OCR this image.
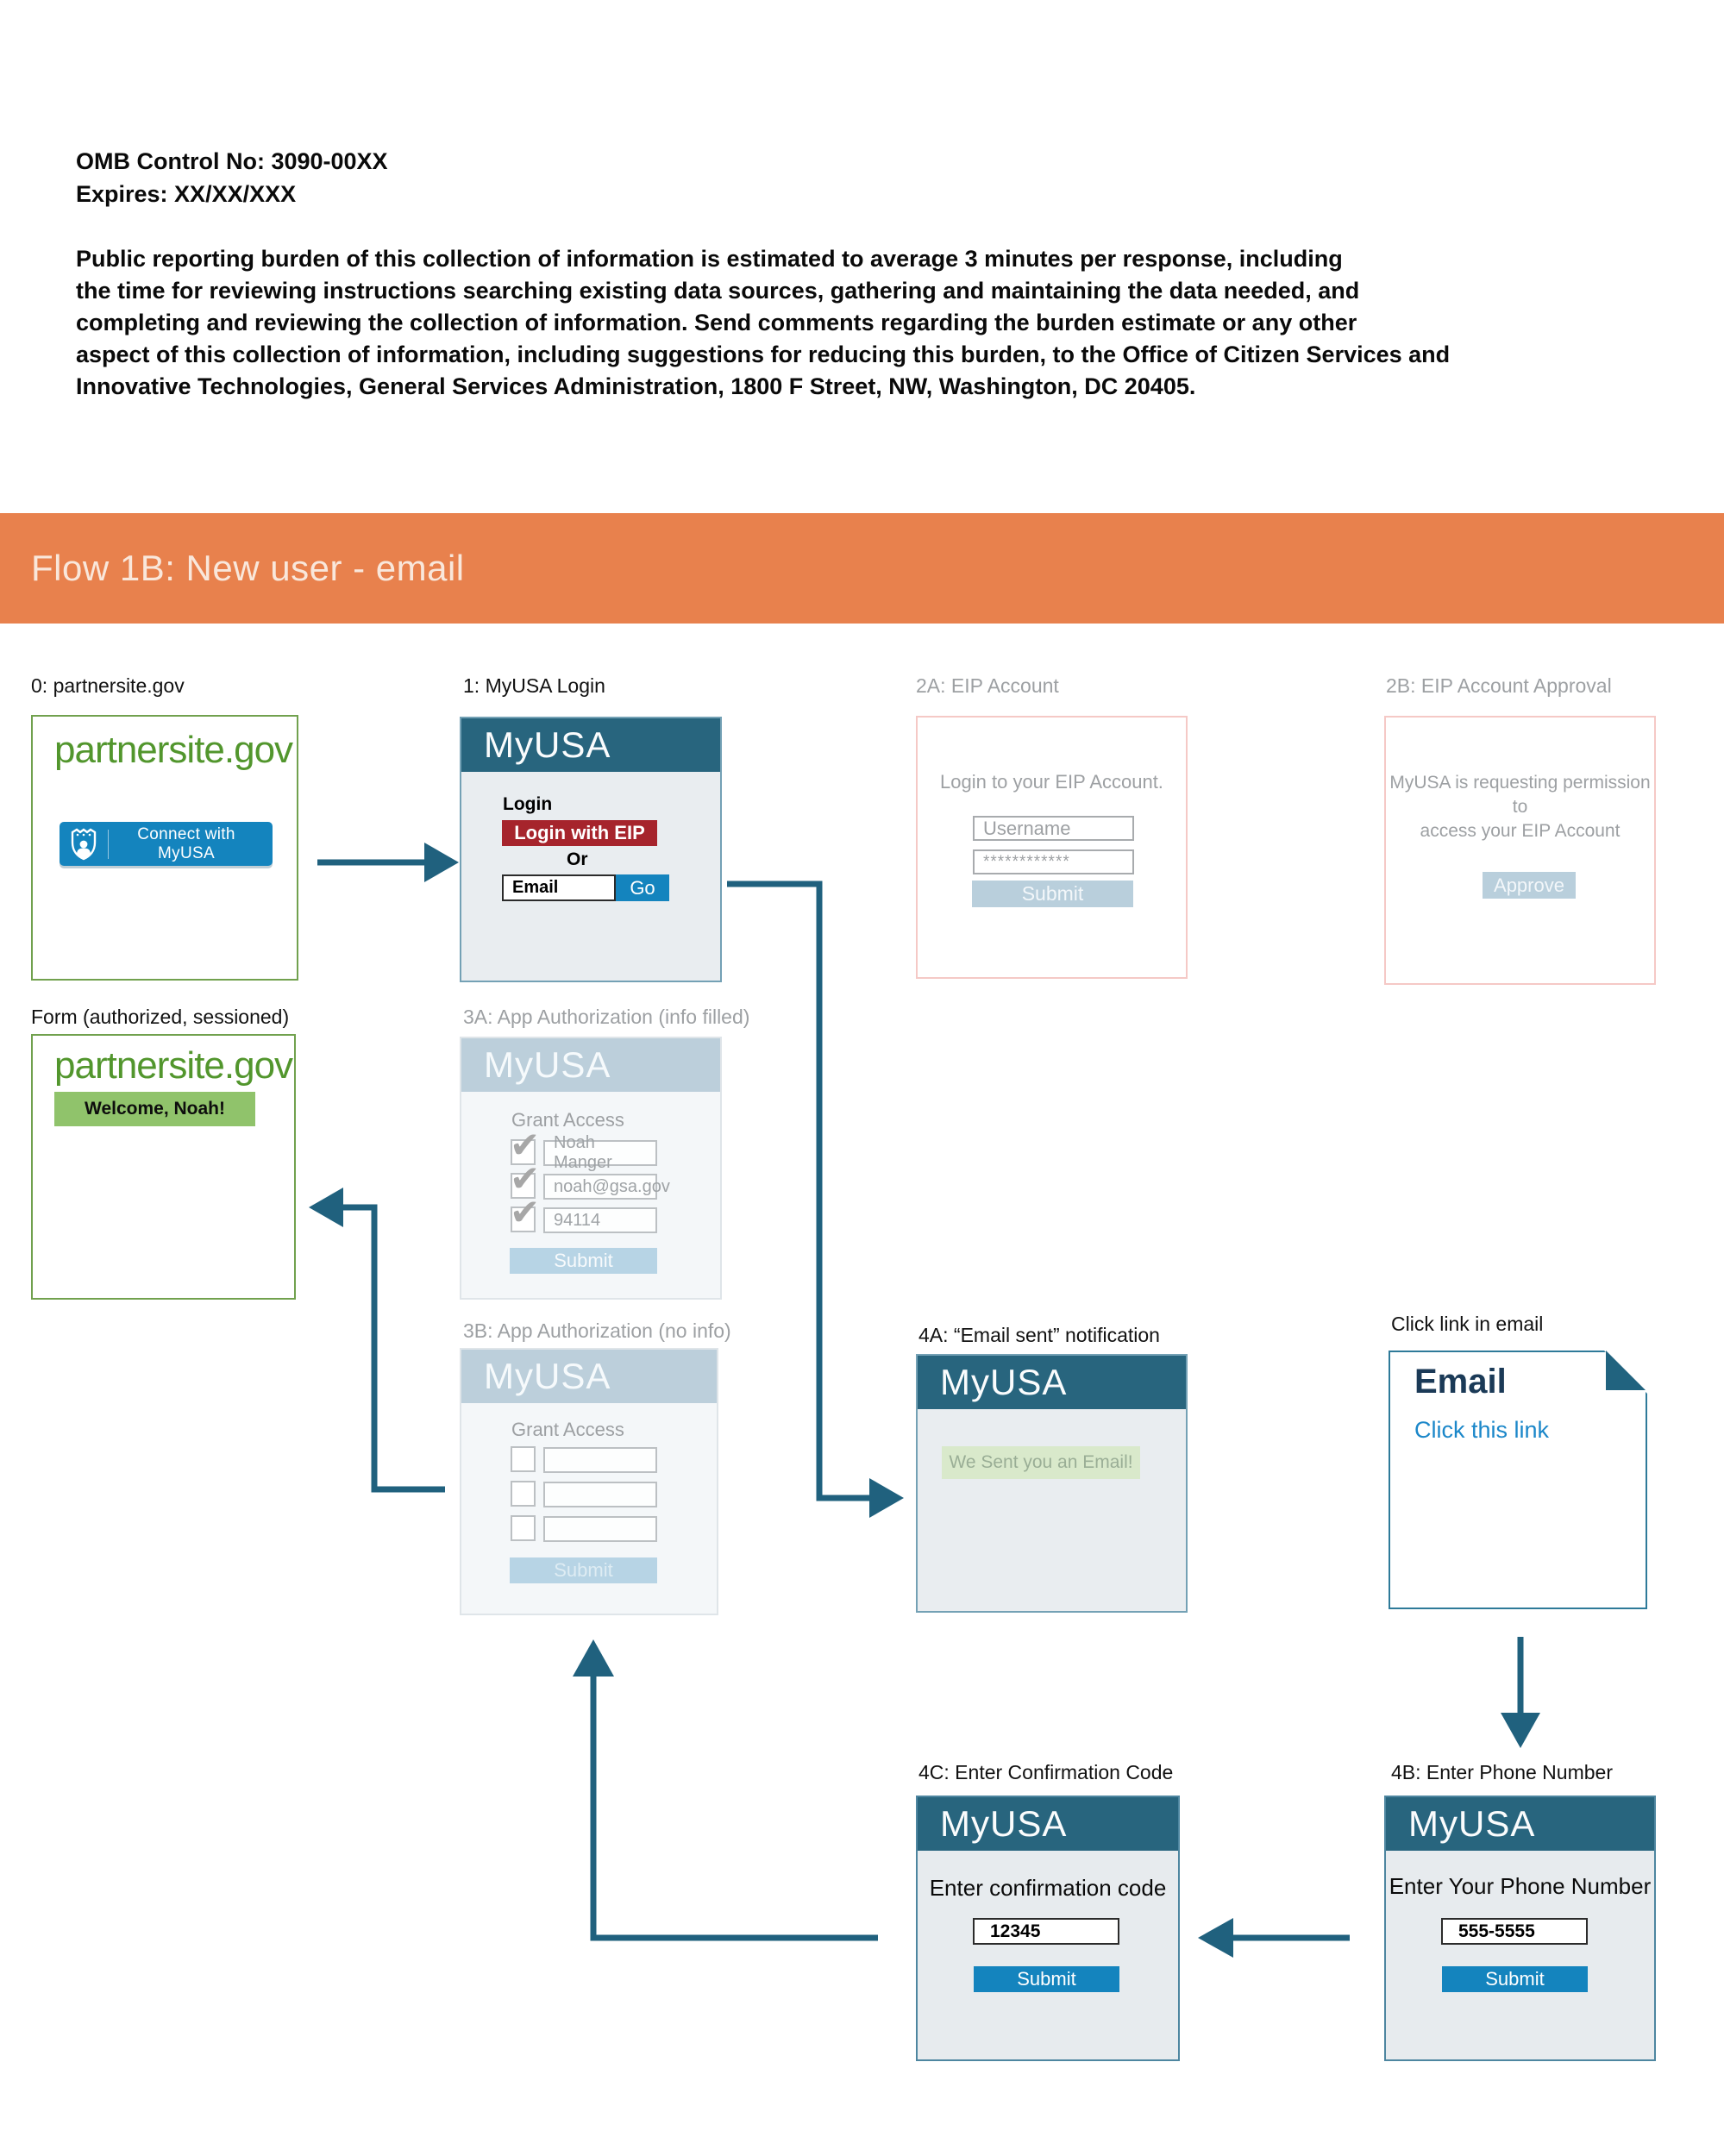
OMB Control No: 3090-00XX
Expires: XX/XX/XXX
Public reporting burden of this collection of information is estimated to average 3 minutes per response, including
the time for reviewing instructions searching existing data sources, gathering and maintaining the data needed, and
completing and reviewing the collection of information. Send comments regarding the burden estimate or any other
aspect of this collection of information, including suggestions for reducing this burden, to the Office of Citizen Services and
Innovative Technologies, General Services Administration, 1800 F Street, NW, Washington, DC 20405.
Flow 1B: New user - email
0: partnersite.gov
partnersite.gov
Connect with MyUSA
1: MyUSA Login
MyUSA
Login
Login with EIP
Or
Email	Go
2A: EIP Account
Login to your EIP Account.
Username
************
Submit
2B: EIP Account Approval
MyUSA is requesting permission to
access your EIP Account
Approve
Form (authorized, sessioned)
partnersite.gov
Welcome, Noah!
3A: App Authorization (info filled)
MyUSA
Grant Access
✔ Noah Manger
✔ noah@gsa.gov
✔ 94114
Submit
3B: App Authorization (no info)
MyUSA
Grant Access
Submit
4A: “Email sent” notification
MyUSA
We Sent you an Email!
Click link in email
Email
Click this link
4C: Enter Confirmation Code
MyUSA
Enter confirmation code
12345
Submit
4B: Enter Phone Number
MyUSA
Enter Your Phone Number
555-5555
Submit
